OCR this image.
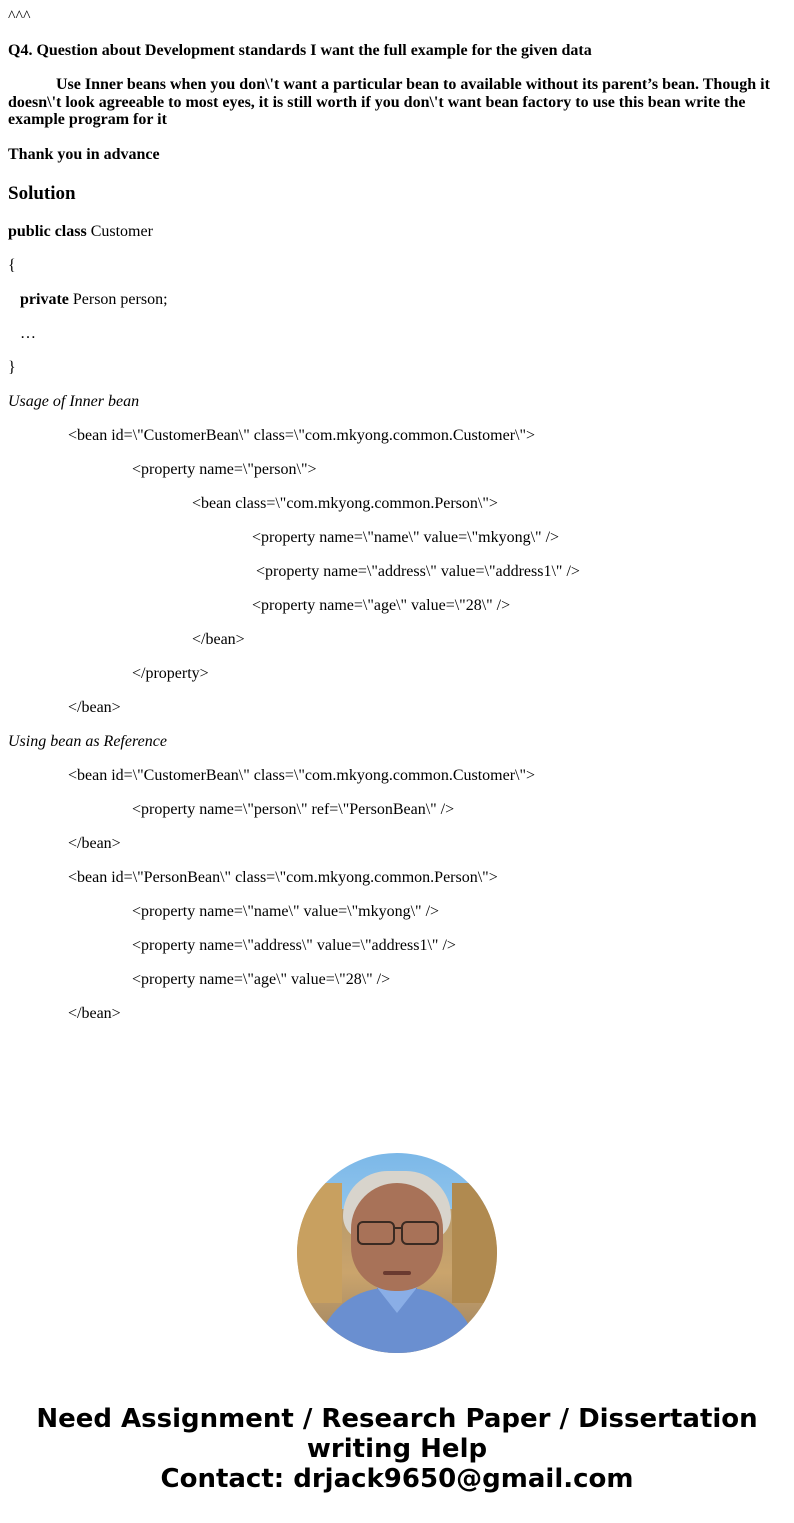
^^^
Q4. Question about Development standards I want the full example for the given data
Use Inner beans when you don\'t want a particular bean to available without its parent’s bean. Though it doesn\'t look agreeable to most eyes, it is still worth if you don\'t want bean factory to use this bean write the example program for it
Thank you in advance
Solution
public class Customer
{
private Person person;
…
}
Usage of Inner bean
<bean id=\"CustomerBean\" class=\"com.mkyong.common.Customer\">
<property name=\"person\">
<bean class=\"com.mkyong.common.Person\">
<property name=\"name\" value=\"mkyong\" />
<property name=\"address\" value=\"address1\" />
<property name=\"age\" value=\"28\" />
</bean>
</property>
</bean>
Using bean as Reference
<bean id=\"CustomerBean\" class=\"com.mkyong.common.Customer\">
<property name=\"person\" ref=\"PersonBean\" />
</bean>
<bean id=\"PersonBean\" class=\"com.mkyong.common.Person\">
<property name=\"name\" value=\"mkyong\" />
<property name=\"address\" value=\"address1\" />
<property name=\"age\" value=\"28\" />
</bean>
Need Assignment / Research Paper / Dissertation
writing Help
Contact: drjack9650@gmail.com
